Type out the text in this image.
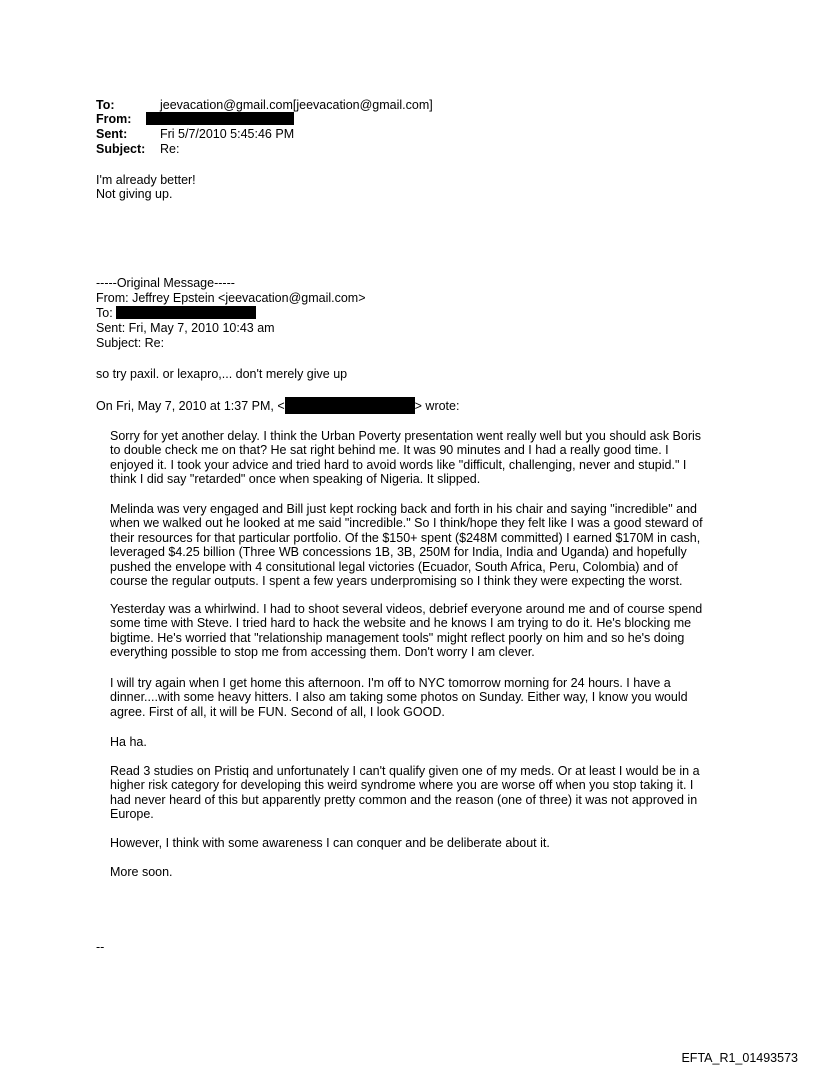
To:	jeevacation@gmail.com[jeevacation@gmail.com]
From:
Sent:	Fri 5/7/2010 5:45:46 PM
Subject: Re:
I'm already better!
Not giving up.
-----Original Message-----
From: Jeffrey Epstein <jeevacation@gmail.com>
To:
Sent: Fri, May 7, 2010 10:43 am
Subject: Re:
so try paxil. or lexapro,... don't merely give up
On Fri, May 7, 2010 at 1:37 PM, <	> wrote:

Sorry for yet another delay. I think the Urban Poverty presentation went really well but you should ask Boris to double check me on that? He sat right behind me. It was 90 minutes and I had a really good time. I enjoyed it. I took your advice and tried hard to avoid words like "difficult, challenging, never and stupid." I think I did say "retarded" once when speaking of Nigeria. It slipped.

Melinda was very engaged and Bill just kept rocking back and forth in his chair and saying "incredible" and when we walked out he looked at me said "incredible." So I think/hope they felt like I was a good steward of their resources for that particular portfolio. Of the $150+ spent ($248M committed) I earned $170M in cash, leveraged $4.25 billion (Three WB concessions 1B, 3B, 250M for India, India and Uganda) and hopefully pushed the envelope with 4 consitutional legal victories (Ecuador, South Africa, Peru, Colombia) and of course the regular outputs. I spent a few years underpromising so I think they were expecting the worst.

Yesterday was a whirlwind. I had to shoot several videos, debrief everyone around me and of course spend some time with Steve. I tried hard to hack the website and he knows I am trying to do it. He's blocking me bigtime. He's worried that "relationship management tools" might reflect poorly on him and so he's doing everything possible to stop me from accessing them. Don't worry I am clever.

I will try again when I get home this afternoon. I'm off to NYC tomorrow morning for 24 hours. I have a dinner....with some heavy hitters. I also am taking some photos on Sunday. Either way, I know you would agree. First of all, it will be FUN. Second of all, I look GOOD.

Ha ha.

Read 3 studies on Pristiq and unfortunately I can't qualify given one of my meds. Or at least I would be in a higher risk category for developing this weird syndrome where you are worse off when you stop taking it. I had never heard of this but apparently pretty common and the reason (one of three) it was not approved in Europe.

However, I think with some awareness I can conquer and be deliberate about it.

More soon.

--
EFTA_R1_01493573
